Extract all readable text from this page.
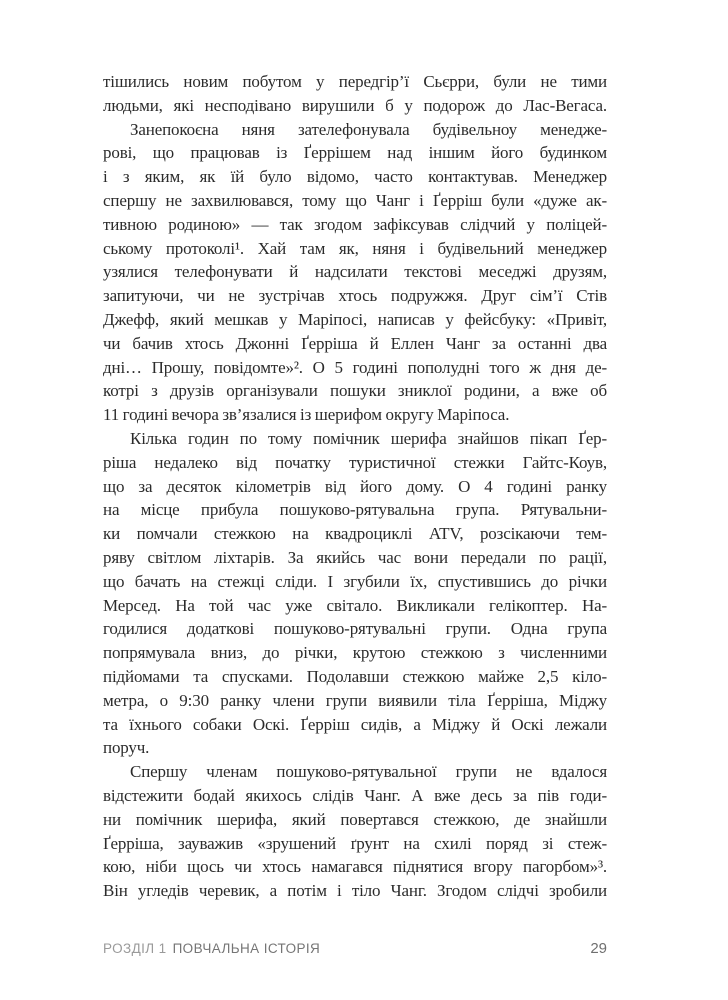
тішились новим побутом у передгір’ї Сьєрри, були не тими
людьми, які несподівано вирушили б у подорож до Лас-Вегаса.
Занепокоєна няня зателефонувала будівельноу менедже-
рові, що працював із Ґеррішем над іншим його будинком
і з яким, як їй було відомо, часто контактував. Менеджер
спершу не захвилювався, тому що Чанг і Ґерріш були «дуже ак-
тивною родиною» — так згодом зафіксував слідчий у поліцей-
ському протоколі¹. Хай там як, няня і будівельний менеджер
узялися телефонувати й надсилати текстові меседжі друзям,
запитуючи, чи не зустрічав хтось подружжя. Друг сім’ї Стів
Джефф, який мешкав у Маріпосі, написав у фейсбуку: «Привіт,
чи бачив хтось Джонні Ґерріша й Еллен Чанг за останні два
дні… Прошу, повідомте»². О 5 годині пополудні того ж дня де-
котрі з друзів організували пошуки зниклої родини, а вже об
11 годині вечора зв’язалися із шерифом округу Маріпоса.
Кілька годин по тому помічник шерифа знайшов пікап Ґер-
ріша недалеко від початку туристичної стежки Гайтс-Коув,
що за десяток кілометрів від його дому. О 4 годині ранку
на місце прибула пошуково-рятувальна група. Рятувальни-
ки помчали стежкою на квадроциклі ATV, розсікаючи тем-
ряву світлом ліхтарів. За якийсь час вони передали по рації,
що бачать на стежці сліди. І згубили їх, спустившись до річки
Мерсед. На той час уже світало. Викликали гелікоптер. На-
годилися додаткові пошуково-рятувальні групи. Одна група
попрямувала вниз, до річки, крутою стежкою з численними
підйомами та спусками. Подолавши стежкою майже 2,5 кіло-
метра, о 9:30 ранку члени групи виявили тіла Ґерріша, Міджу
та їхнього собаки Оскі. Ґерріш сидів, а Міджу й Оскі лежали
поруч.
Спершу членам пошуково-рятувальної групи не вдалося
відстежити бодай якихось слідів Чанг. А вже десь за пів годи-
ни помічник шерифа, який повертався стежкою, де знайшли
Ґерріша, зауважив «зрушений ґрунт на схилі поряд зі стеж-
кою, ніби щось чи хтось намагався піднятися вгору пагорбом»³.
Він угледів черевик, а потім і тіло Чанг. Згодом слідчі зробили
РОЗДІЛ 1 ПОВЧАЛЬНА ІСТОРІЯ	29
